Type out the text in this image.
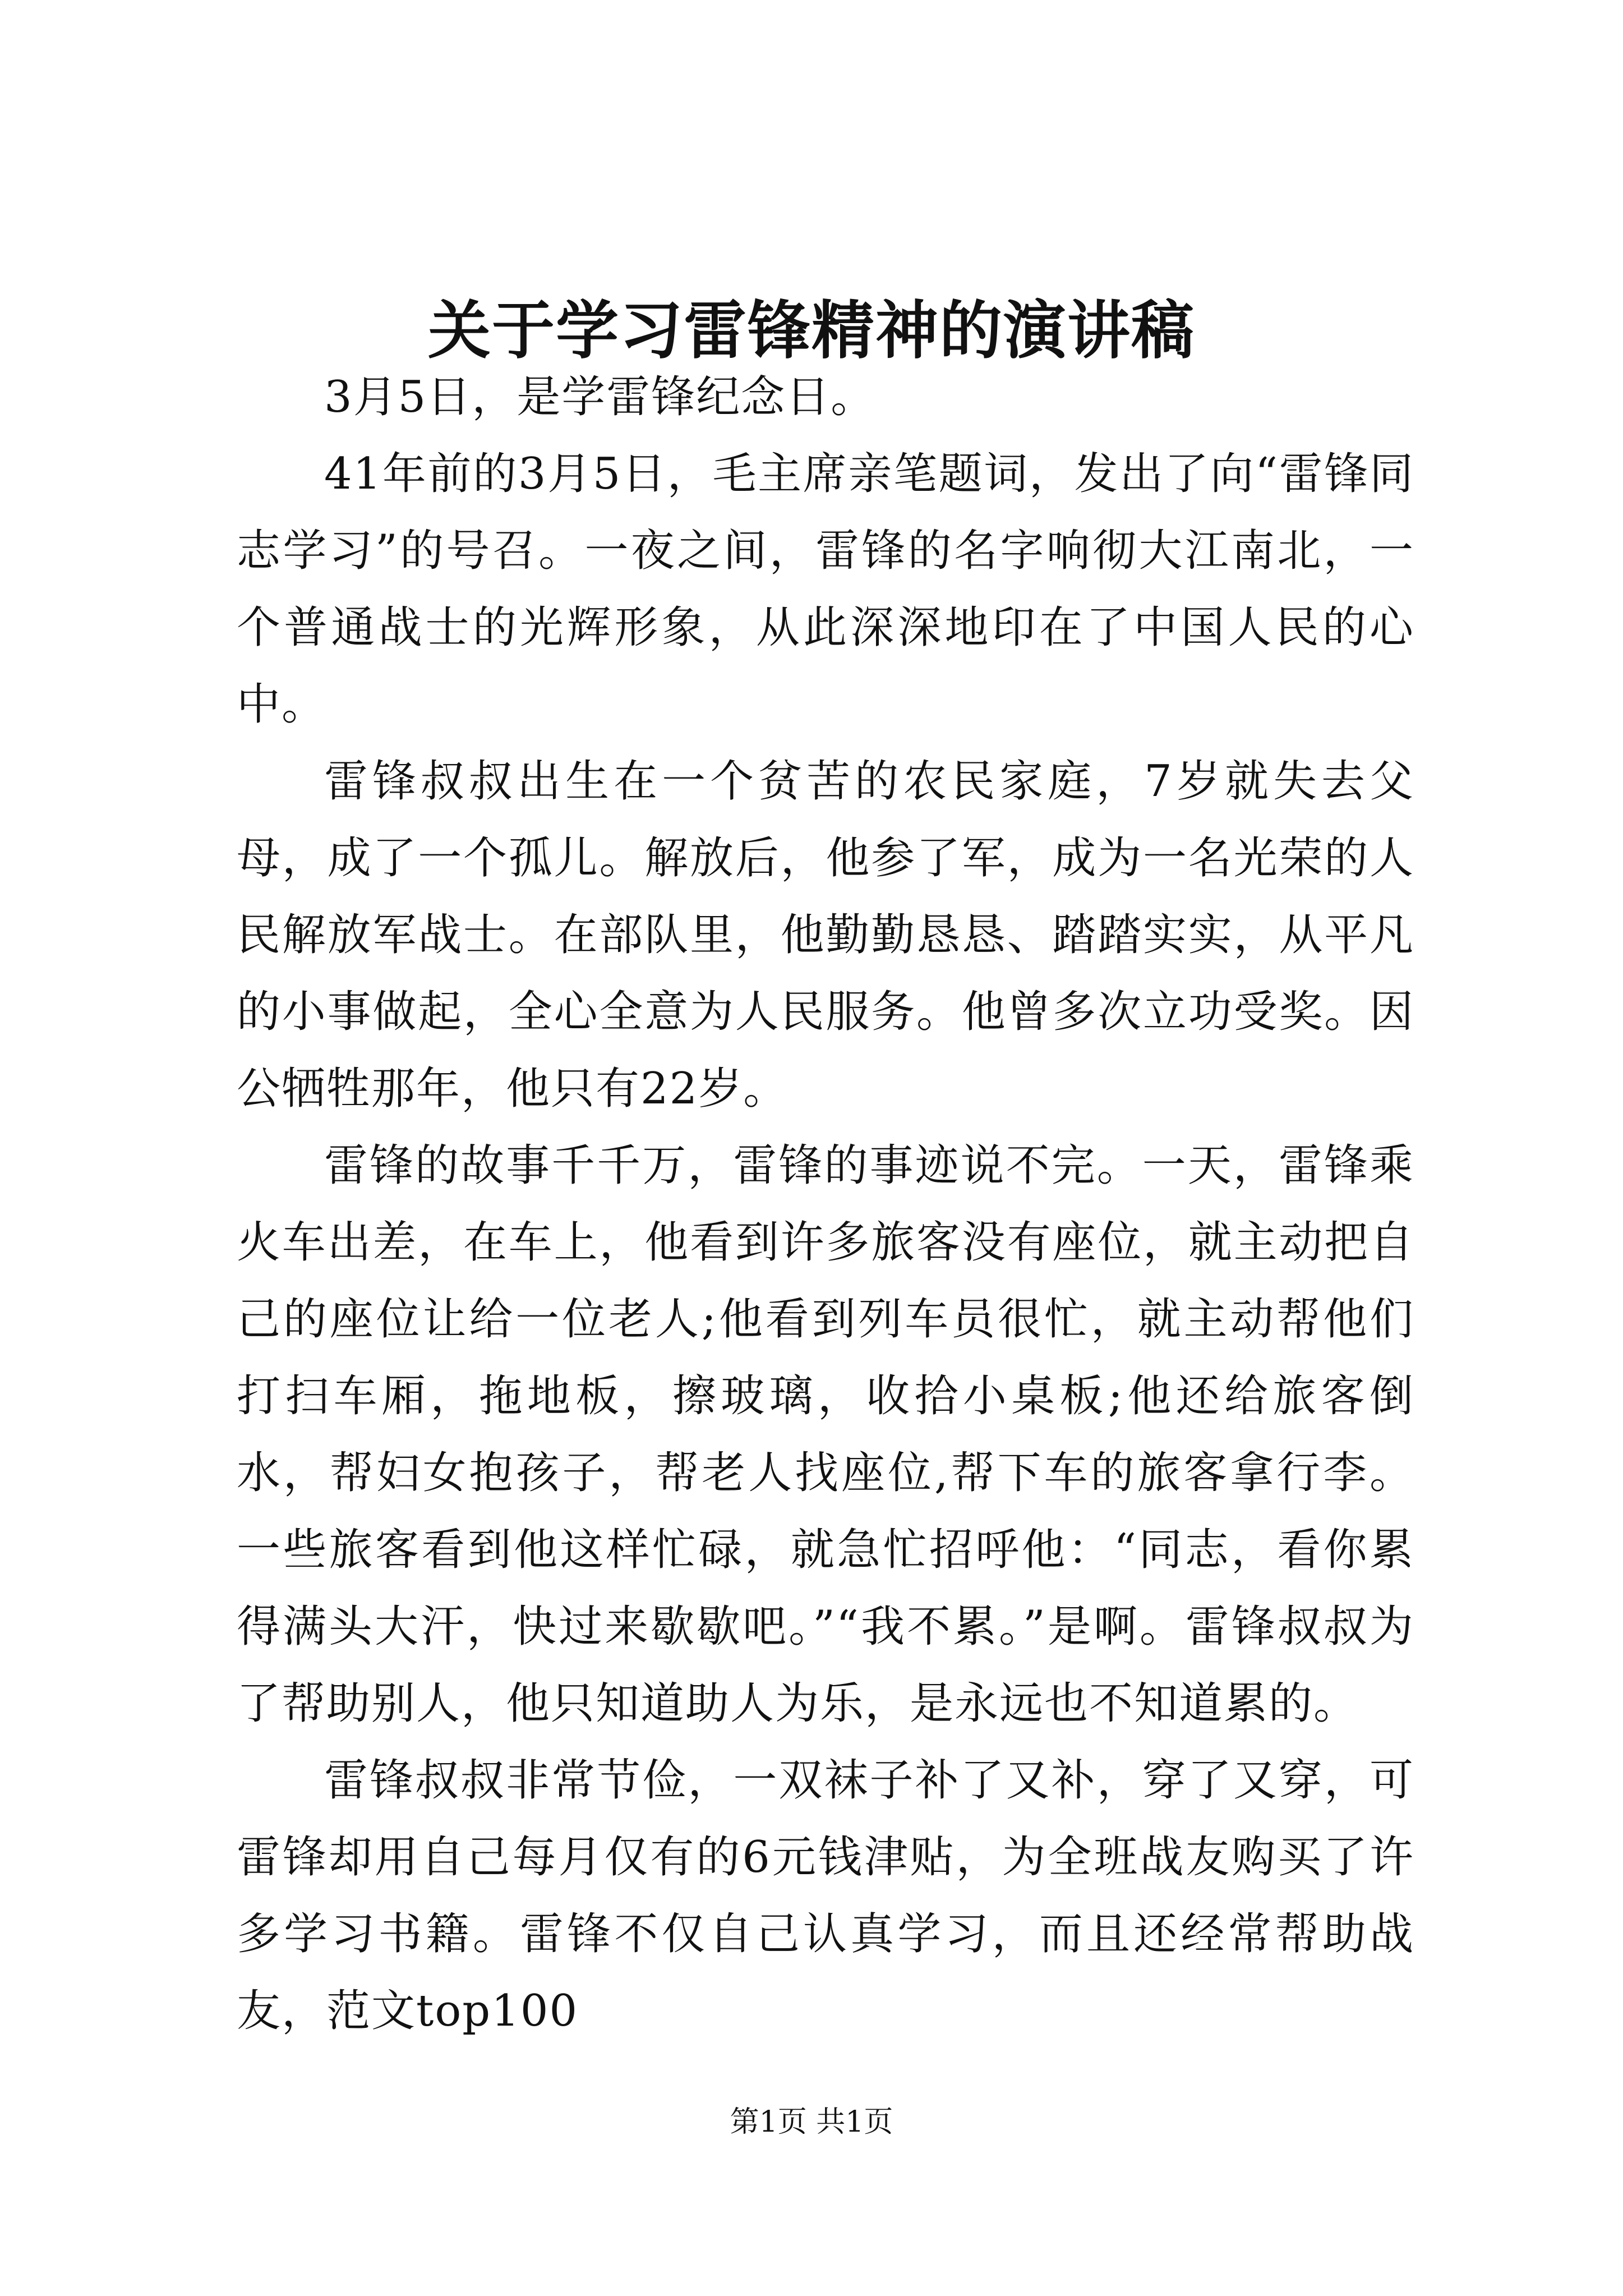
关于学习雷锋精神的演讲稿

3月5日，是学雷锋纪念日。

41年前的3月5日，毛主席亲笔题词，发出了向“雷锋同志学习”的号召。一夜之间，雷锋的名字响彻大江南北，一个普通战士的光辉形象，从此深深地印在了中国人民的心中。

雷锋叔叔出生在一个贫苦的农民家庭，7岁就失去父母，成了一个孤儿。解放后，他参了军，成为一名光荣的人民解放军战士。在部队里，他勤勤恳恳、踏踏实实，从平凡的小事做起，全心全意为人民服务。他曾多次立功受奖。因公牺牲那年，他只有22岁。

雷锋的故事千千万，雷锋的事迹说不完。一天，雷锋乘火车出差，在车上，他看到许多旅客没有座位，就主动把自己的座位让给一位老人;他看到列车员很忙，就主动帮他们打扫车厢，拖地板，擦玻璃，收拾小桌板;他还给旅客倒水，帮妇女抱孩子，帮老人找座位,帮下车的旅客拿行李。一些旅客看到他这样忙碌，就急忙招呼他：“同志，看你累得满头大汗，快过来歇歇吧。”“我不累。”是啊。雷锋叔叔为了帮助别人，他只知道助人为乐，是永远也不知道累的。

雷锋叔叔非常节俭，一双袜子补了又补，穿了又穿，可雷锋却用自己每月仅有的6元钱津贴，为全班战友购买了许多学习书籍。雷锋不仅自己认真学习，而且还经常帮助战友，范文top100

第1页 共1页
